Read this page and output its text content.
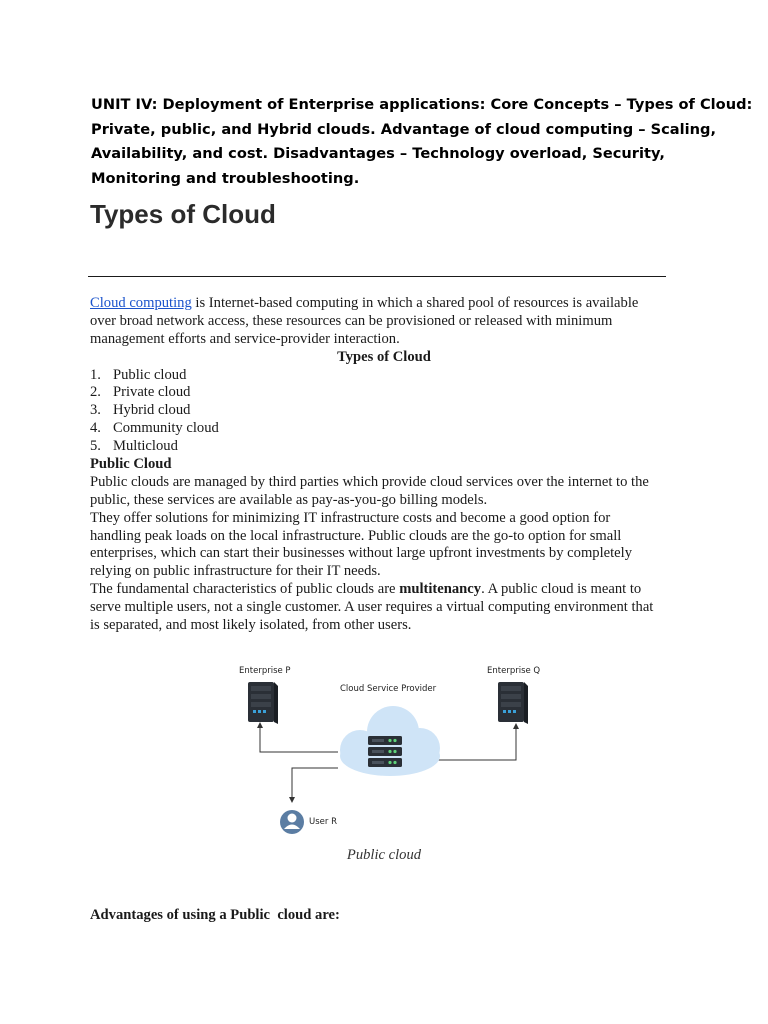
UNIT IV: Deployment of Enterprise applications: Core Concepts – Types of Cloud:
Private, public, and Hybrid clouds. Advantage of cloud computing – Scaling,
Availability, and cost. Disadvantages – Technology overload, Security,
Monitoring and troubleshooting.
Types of Cloud
Cloud computing is Internet-based computing in which a shared pool of resources is available
over broad network access, these resources can be provisioned or released with minimum
management efforts and service-provider interaction.
Types of Cloud
1. Public cloud
2. Private cloud
3. Hybrid cloud
4. Community cloud
5. Multicloud
Public Cloud
Public clouds are managed by third parties which provide cloud services over the internet to the
public, these services are available as pay-as-you-go billing models.
They offer solutions for minimizing IT infrastructure costs and become a good option for
handling peak loads on the local infrastructure. Public clouds are the go-to option for small
enterprises, which can start their businesses without large upfront investments by completely
relying on public infrastructure for their IT needs.
The fundamental characteristics of public clouds are multitenancy. A public cloud is meant to
serve multiple users, not a single customer. A user requires a virtual computing environment that
is separated, and most likely isolated, from other users.
Enterprise P	Enterprise Q
Cloud Service Provider
User R
Public cloud
Advantages of using a Public  cloud are:
